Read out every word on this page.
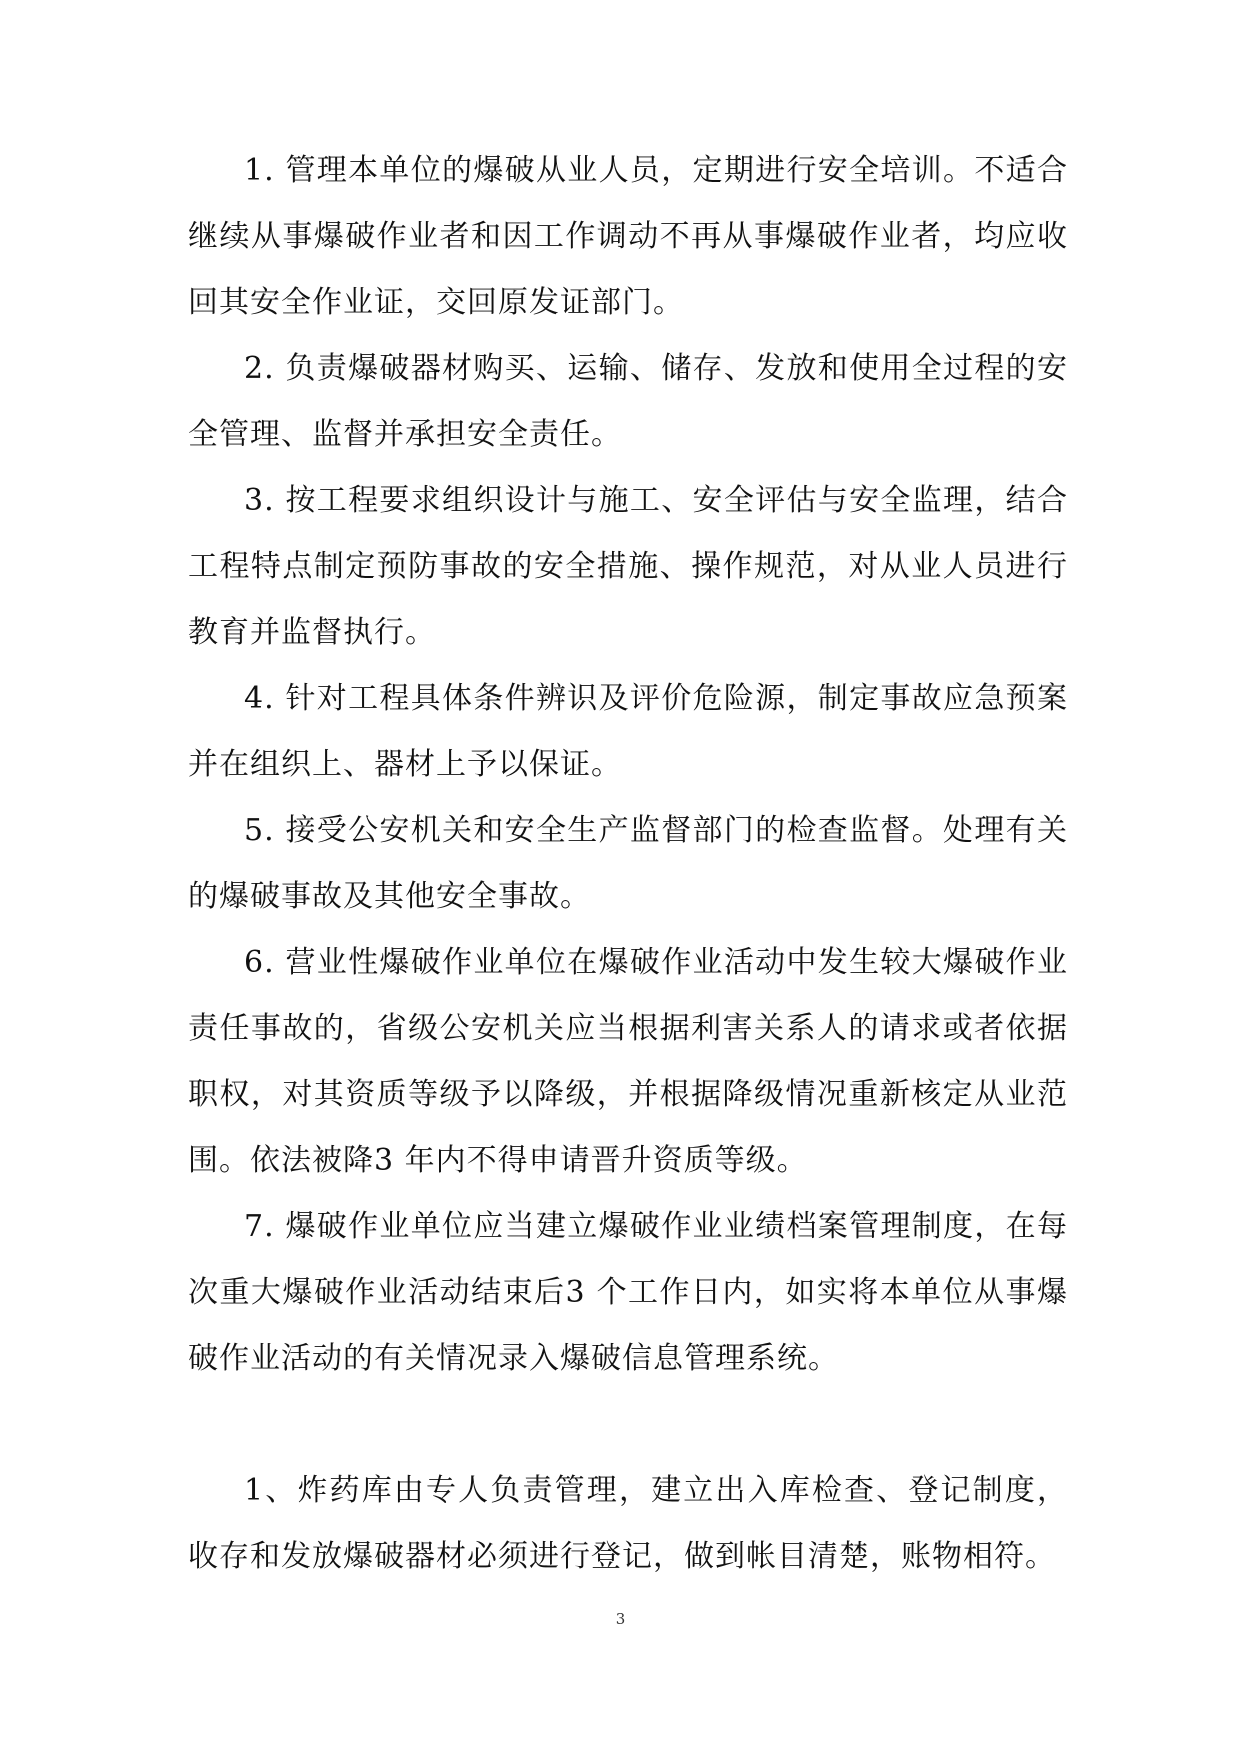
1. 管理本单位的爆破从业人员，定期进行安全培训。不适合继续从事爆破作业者和因工作调动不再从事爆破作业者，均应收回其安全作业证，交回原发证部门。

2. 负责爆破器材购买、运输、储存、发放和使用全过程的安全管理、监督并承担安全责任。

3. 按工程要求组织设计与施工、安全评估与安全监理，结合工程特点制定预防事故的安全措施、操作规范，对从业人员进行教育并监督执行。

4. 针对工程具体条件辨识及评价危险源，制定事故应急预案并在组织上、器材上予以保证。

5. 接受公安机关和安全生产监督部门的检查监督。处理有关的爆破事故及其他安全事故。

6. 营业性爆破作业单位在爆破作业活动中发生较大爆破作业责任事故的，省级公安机关应当根据利害关系人的请求或者依据职权，对其资质等级予以降级，并根据降级情况重新核定从业范围。依法被降3 年内不得申请晋升资质等级。

7. 爆破作业单位应当建立爆破作业业绩档案管理制度，在每次重大爆破作业活动结束后3 个工作日内，如实将本单位从事爆破作业活动的有关情况录入爆破信息管理系统。

1、炸药库由专人负责管理，建立出入库检查、登记制度，收存和发放爆破器材必须进行登记，做到帐目清楚，账物相符。

3
